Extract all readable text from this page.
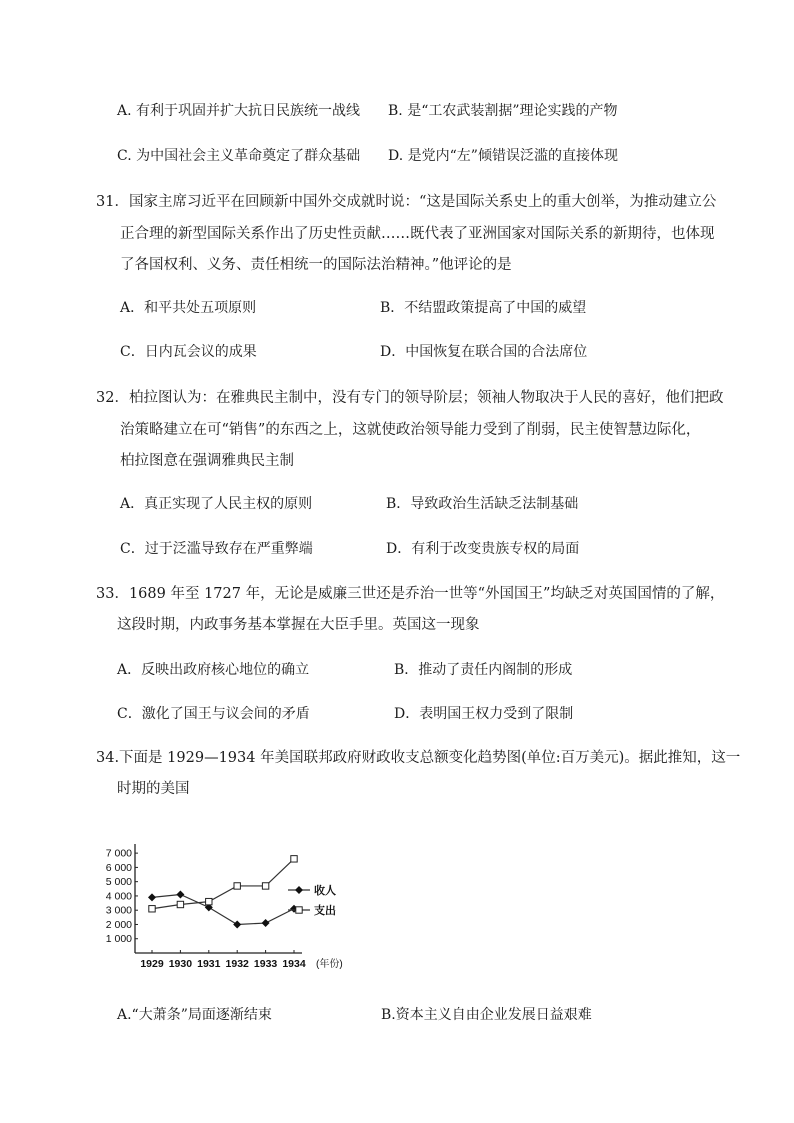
A. 有利于巩固并扩大抗日民族统一战线 B. 是“工农武装割据”理论实践的产物
C. 为中国社会主义革命奠定了群众基础 D. 是党内“左”倾错误泛滥的直接体现
31．国家主席习近平在回顾新中国外交成就时说：“这是国际关系史上的重大创举，为推动建立公
正合理的新型国际关系作出了历史性贡献……既代表了亚洲国家对国际关系的新期待，也体现
了各国权利、义务、责任相统一的国际法治精神。”他评论的是
A．和平共处五项原则	B．不结盟政策提高了中国的威望
C．日内瓦会议的成果	D．中国恢复在联合国的合法席位
32．柏拉图认为：在雅典民主制中，没有专门的领导阶层；领袖人物取决于人民的喜好，他们把政
治策略建立在可“销售”的东西之上，这就使政治领导能力受到了削弱，民主使智慧边际化，
柏拉图意在强调雅典民主制
A．真正实现了人民主权的原则	B．导致政治生活缺乏法制基础
C．过于泛滥导致存在严重弊端	D．有利于改变贵族专权的局面
33．1689 年至 1727 年，无论是威廉三世还是乔治一世等“外国国王”均缺乏对英国国情的了解，
这段时期，内政事务基本掌握在大臣手里。英国这一现象
A．反映出政府核心地位的确立	B．推动了责任内阁制的形成
C．激化了国王与议会间的矛盾	D．表明国王权力受到了限制
34.下面是 1929—1934 年美国联邦政府财政收支总额变化趋势图(单位:百万美元)。据此推知，这一
时期的美国
1 000
2 000
3 000
4 000
5 000
6 000
7 000
1929 1930 1931 1932 1933 1934 (年份)
收人
支出
A.“大萧条”局面逐渐结束	B.资本主义自由企业发展日益艰难
